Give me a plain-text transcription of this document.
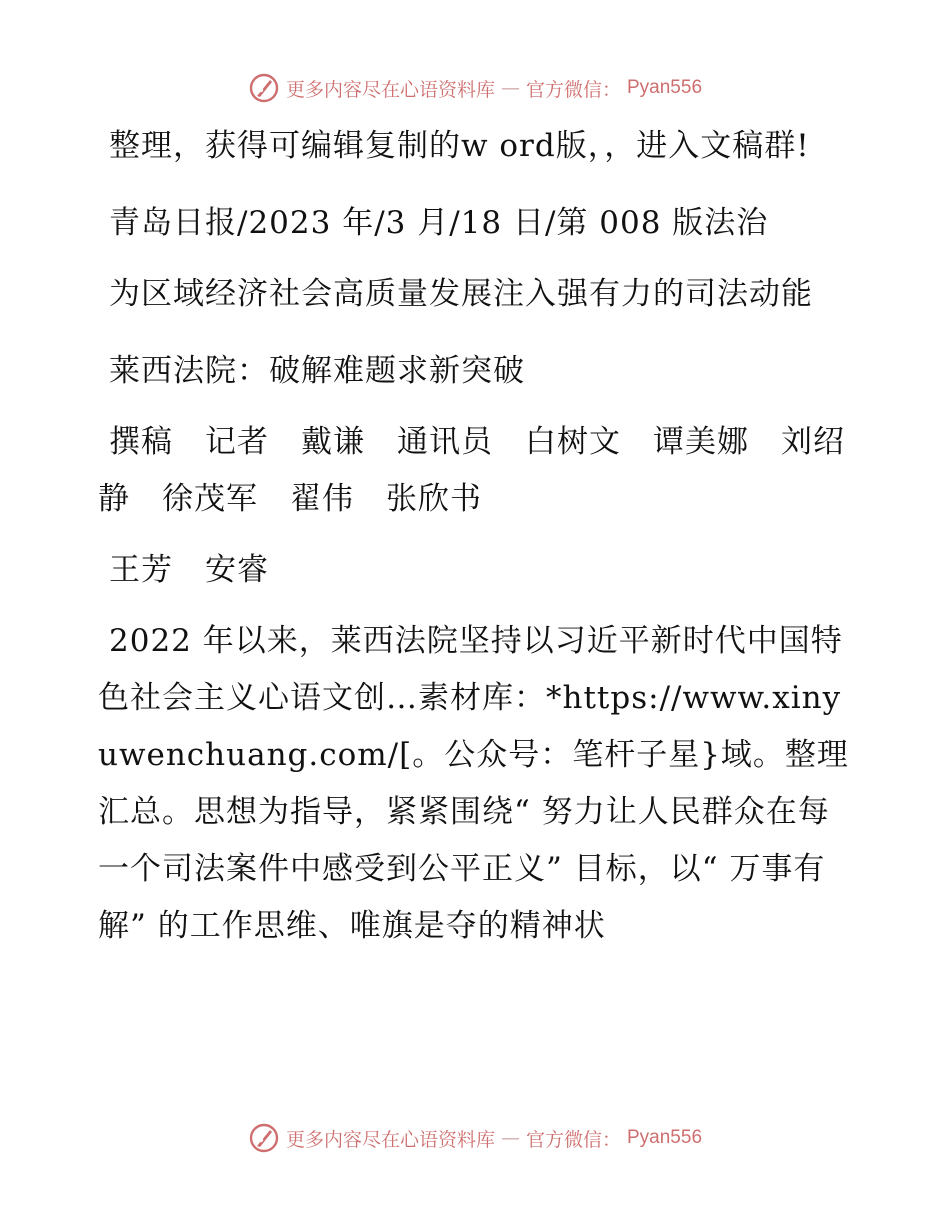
更多内容尽在心语资料库 — 官方微信： Pyan556

整理，获得可编辑复制的w ord版，，进入文稿群!

青岛日报/2023 年/3 月/18 日/第 008 版法治

为区域经济社会高质量发展注入强有力的司法动能

莱西法院：破解难题求新突破

撰稿　记者　戴谦　通讯员　白树文　谭美娜　刘绍静　徐茂军　翟伟　张欣书

王芳　安睿

2022 年以来，莱西法院坚持以习近平新时代中国特色社会主义心语文创…素材库：*https://www.xinyuwenchuang.com/[。公众号：笔杆子星}域。整理汇总。思想为指导，紧紧围绕“ 努力让人民群众在每一个司法案件中感受到公平正义” 目标，以“ 万事有解” 的工作思维、唯旗是夺的精神状

更多内容尽在心语资料库 — 官方微信： Pyan556
